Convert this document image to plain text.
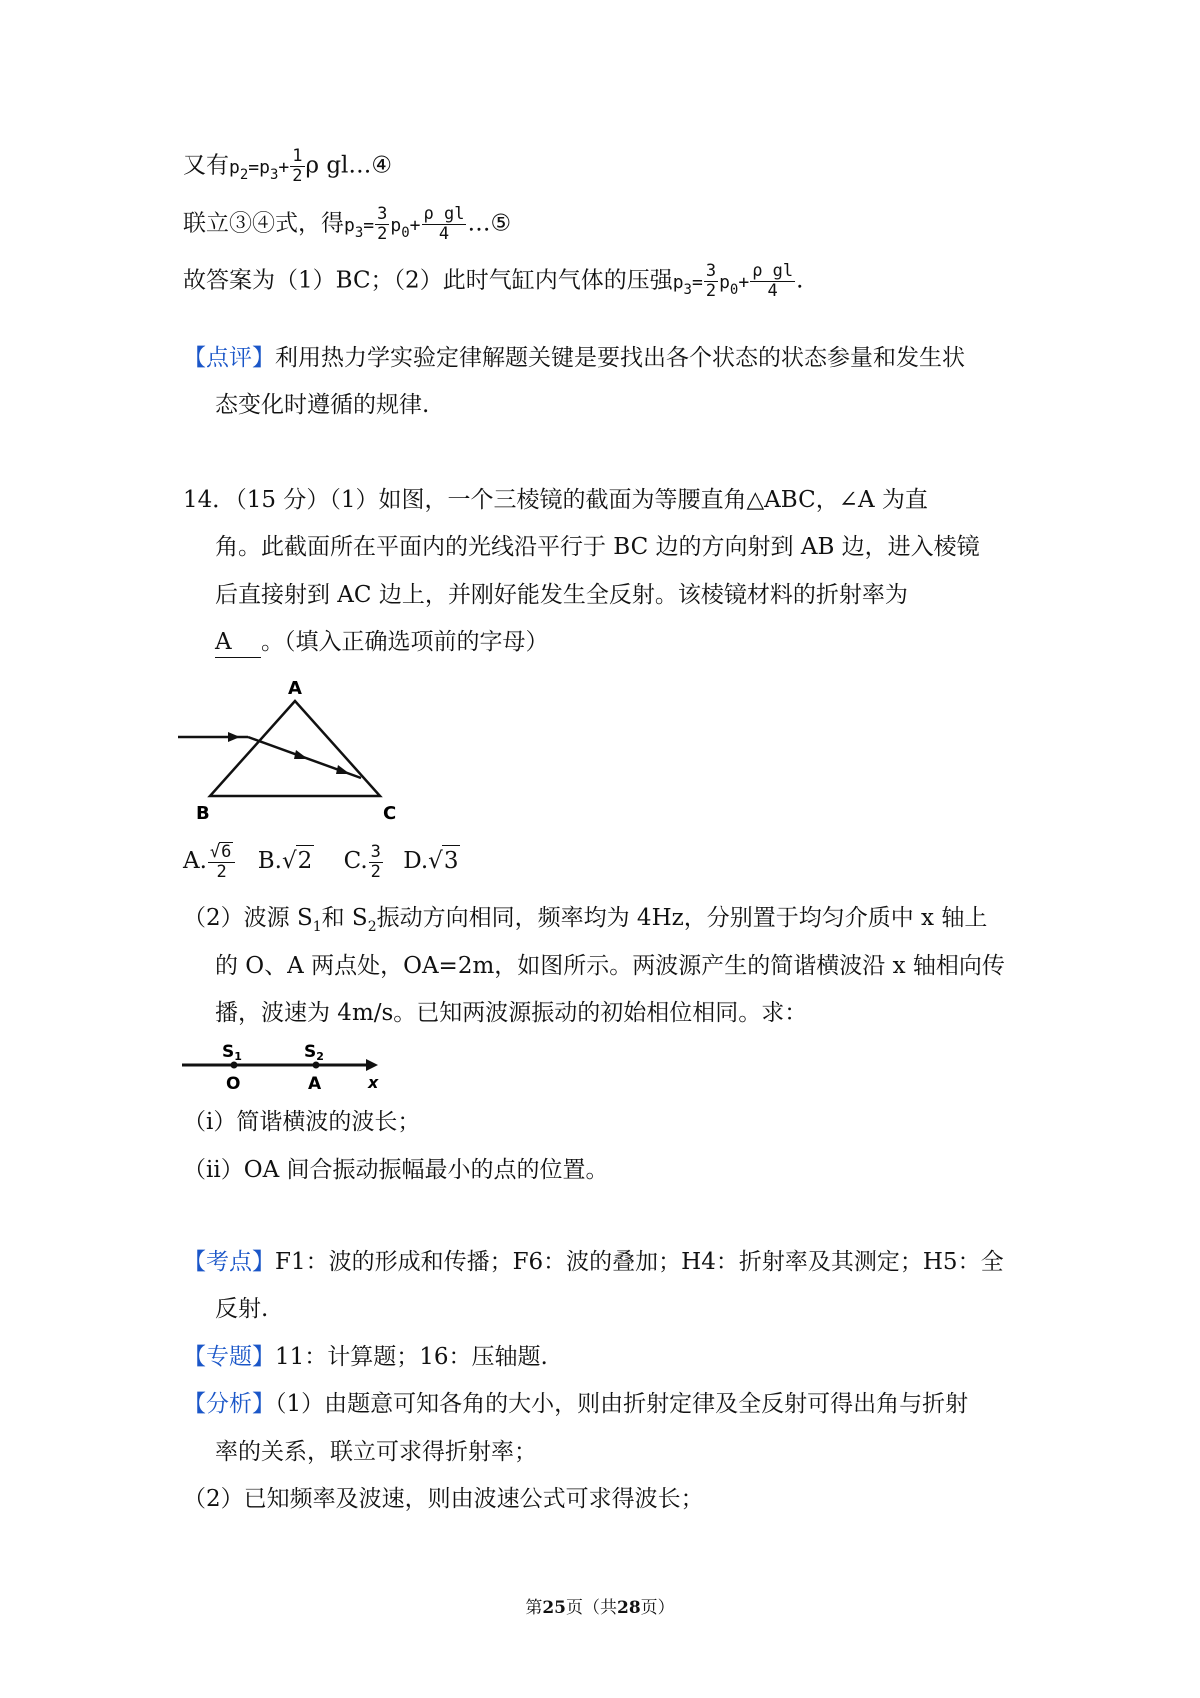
又有$p_2=p_3+ \frac{1}{2}$ ρ gl…④
联立③④式，得$p_3= \frac{3}{2} p_0+ \frac{\text{ρ gl}}{4}$ …⑤
故答案为（1）BC；（2）此时气缸内气体的压强$p_3= \frac{3}{2} p_0+ \frac{\text{ρ gl}}{4}$ .
【点评】利用热力学实验定律解题关键是要找出各个状态的状态参量和发生状
态变化时遵循的规律.
14．（15 分）（1）如图，一个三棱镜的截面为等腰直角△ABC，∠A 为直
角。此截面所在平面内的光线沿平行于 BC 边的方向射到 AB 边，进入棱镜
后直接射到 AC 边上，并刚好能发生全反射。该棱镜材料的折射率为
A 。（填入正确选项前的字母）
A
B	C
A. $\frac{√6}{2} B.√2$ C. $\frac{3}{2} D.√3$
（2）波源 $S_1$和 $S_2$振动方向相同，频率均为 4Hz，分别置于均匀介质中 x 轴上
的 O、A 两点处，OA=2m，如图所示。两波源产生的简谐横波沿 x 轴相向传
播，波速为 4m/s。已知两波源振动的初始相位相同。求：
S1	S2
O	A	x
（i）简谐横波的波长；
（ii）OA 间合振动振幅最小的点的位置。
【考点】F1：波的形成和传播；F6：波的叠加；H4：折射率及其测定；H5：全
反射.
【专题】11：计算题；16：压轴题.
【分析】（1）由题意可知各角的大小，则由折射定律及全反射可得出角与折射
率的关系，联立可求得折射率；
（2）已知频率及波速，则由波速公式可求得波长；
第25页（共28页）
